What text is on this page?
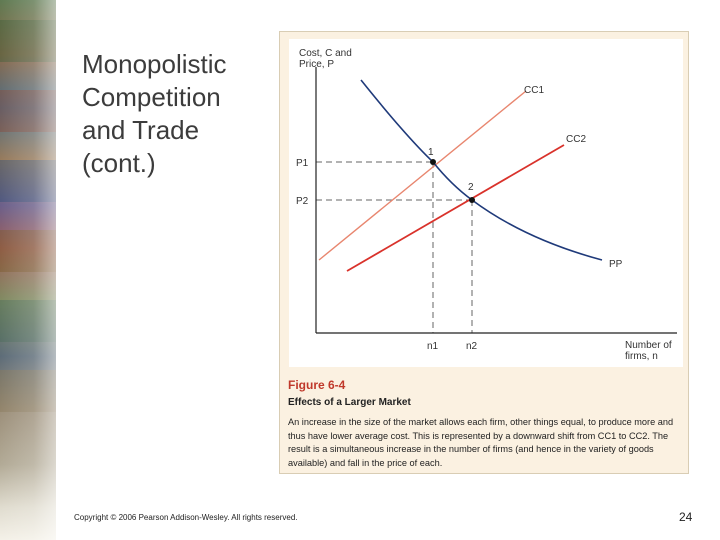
Monopolistic
Competition
and Trade
(cont.)
Cost, C and
Price, P
Number of
firms, n
CC1
CC2
PP
1
2
P1
P2
n1	n2
Figure 6-4
Effects of a Larger Market
An increase in the size of the market allows each firm, other things equal, to produce more and thus have lower average cost. This is represented by a downward shift from CC1 to CC2. The result is a simultaneous increase in the number of firms (and hence in the variety of goods available) and fall in the price of each.
Copyright © 2006 Pearson Addison-Wesley. All rights reserved.	24
